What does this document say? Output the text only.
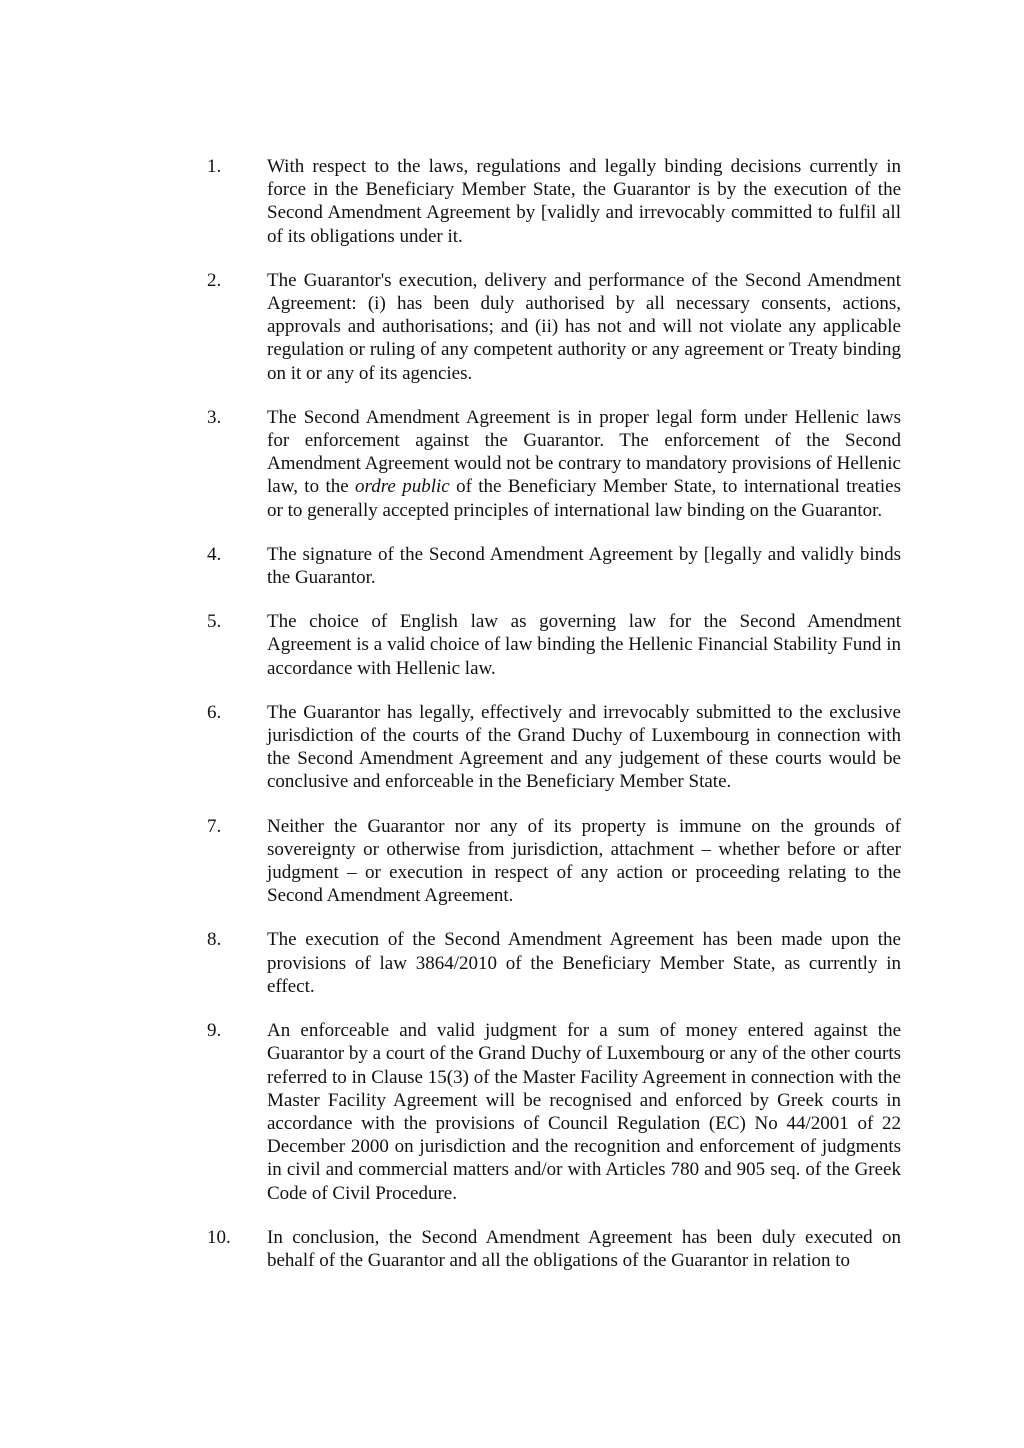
1.	With respect to the laws, regulations and legally binding decisions currently in force in the Beneficiary Member State, the Guarantor is by the execution of the Second Amendment Agreement by [validly and irrevocably committed to fulfil all of its obligations under it.
2.	The Guarantor's execution, delivery and performance of the Second Amendment Agreement: (i) has been duly authorised by all necessary consents, actions, approvals and authorisations; and (ii) has not and will not violate any applicable regulation or ruling of any competent authority or any agreement or Treaty binding on it or any of its agencies.
3.	The Second Amendment Agreement is in proper legal form under Hellenic laws for enforcement against the Guarantor. The enforcement of the Second Amendment Agreement would not be contrary to mandatory provisions of Hellenic law, to the ordre public of the Beneficiary Member State, to international treaties or to generally accepted principles of international law binding on the Guarantor.
4.	The signature of the Second Amendment Agreement by [legally and validly binds the Guarantor.
5.	The choice of English law as governing law for the Second Amendment Agreement is a valid choice of law binding the Hellenic Financial Stability Fund in accordance with Hellenic law.
6.	The Guarantor has legally, effectively and irrevocably submitted to the exclusive jurisdiction of the courts of the Grand Duchy of Luxembourg in connection with the Second Amendment Agreement and any judgement of these courts would be conclusive and enforceable in the Beneficiary Member State.
7.	Neither the Guarantor nor any of its property is immune on the grounds of sovereignty or otherwise from jurisdiction, attachment – whether before or after judgment – or execution in respect of any action or proceeding relating to the Second Amendment Agreement.
8.	The execution of the Second Amendment Agreement has been made upon the provisions of law 3864/2010 of the Beneficiary Member State, as currently in effect.
9.	An enforceable and valid judgment for a sum of money entered against the Guarantor by a court of the Grand Duchy of Luxembourg or any of the other courts referred to in Clause 15(3) of the Master Facility Agreement in connection with the Master Facility Agreement will be recognised and enforced by Greek courts in accordance with the provisions of Council Regulation (EC) No 44/2001 of 22 December 2000 on jurisdiction and the recognition and enforcement of judgments in civil and commercial matters and/or with Articles 780 and 905 seq. of the Greek Code of Civil Procedure.
10.	In conclusion, the Second Amendment Agreement has been duly executed on behalf of the Guarantor and all the obligations of the Guarantor in relation to
